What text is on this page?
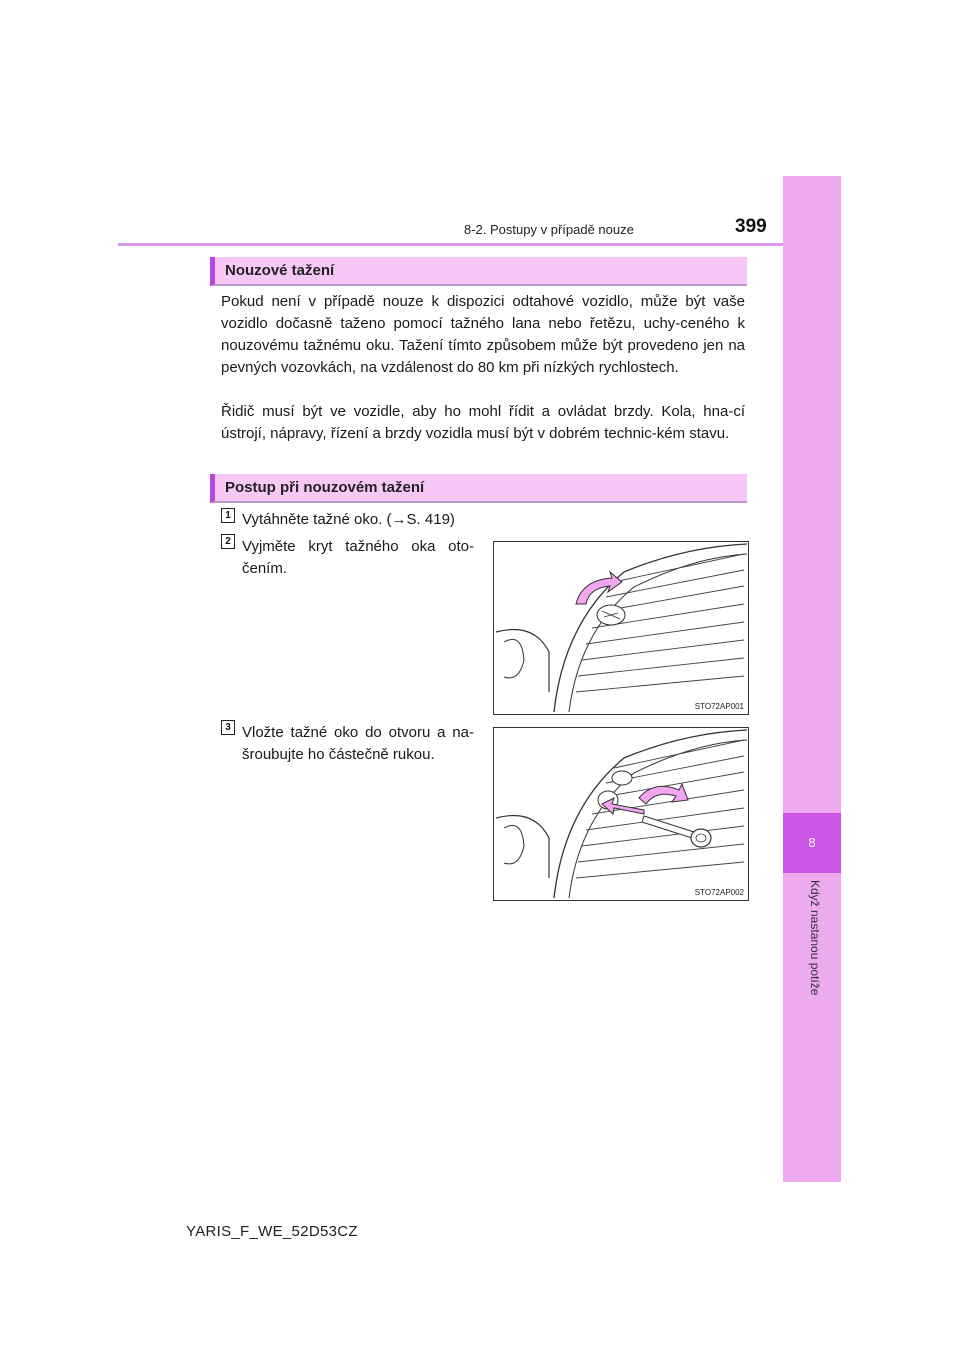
8
Když nastanou potíže
8-2. Postupy v případě nouze	399
Nouzové tažení

Pokud není v případě nouze k dispozici odtahové vozidlo, může být vaše vozidlo dočasně taženo pomocí tažného lana nebo řetězu, uchy-ceného k nouzovému tažnému oku. Tažení tímto způsobem může být provedeno jen na pevných vozovkách, na vzdálenost do 80 km při nízkých rychlostech.

Řidič musí být ve vozidle, aby ho mohl řídit a ovládat brzdy. Kola, hna-cí ústrojí, nápravy, řízení a brzdy vozidla musí být v dobrém technic-kém stavu.

Postup při nouzovém tažení
1 Vytáhněte tažné oko. (→S. 419)

2 Vyjměte kryt tažného oka oto-čením.

STO72AP001
3 Vložte tažné oko do otvoru a na-šroubujte ho částečně rukou.

STO72AP002
YARIS_F_WE_52D53CZ
